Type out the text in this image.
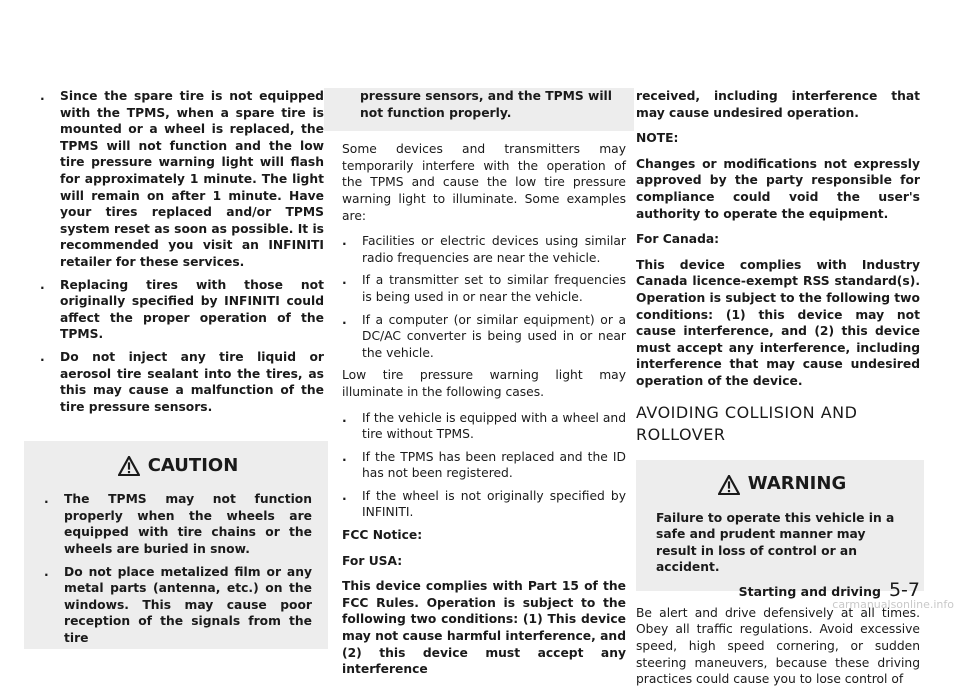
. Since the spare tire is not equipped with the TPMS, when a spare tire is mounted or a wheel is replaced, the TPMS will not function and the low tire pressure warning light will flash for approximately 1 minute. The light will remain on after 1 minute. Have your tires replaced and/or TPMS system reset as soon as possible. It is recommended you visit an INFINITI retailer for these services.
. Replacing tires with those not originally specified by INFINITI could affect the proper operation of the TPMS.
. Do not inject any tire liquid or aerosol tire sealant into the tires, as this may cause a malfunction of the tire pressure sensors.
CAUTION
. The TPMS may not function properly when the wheels are equipped with tire chains or the wheels are buried in snow.
. Do not place metalized film or any metal parts (antenna, etc.) on the windows. This may cause poor reception of the signals from the tire
pressure sensors, and the TPMS will not function properly.

Some devices and transmitters may temporarily interfere with the operation of the TPMS and cause the low tire pressure warning light to illuminate. Some examples are:

. Facilities or electric devices using similar radio frequencies are near the vehicle.
. If a transmitter set to similar frequencies is being used in or near the vehicle.
. If a computer (or similar equipment) or a DC/AC converter is being used in or near the vehicle.

Low tire pressure warning light may illuminate in the following cases.

. If the vehicle is equipped with a wheel and tire without TPMS.
. If the TPMS has been replaced and the ID has not been registered.
. If the wheel is not originally specified by INFINITI.

FCC Notice:

For USA:

This device complies with Part 15 of the FCC Rules. Operation is subject to the following two conditions: (1) This device may not cause harmful interference, and (2) this device must accept any interference

received, including interference that may cause undesired operation.

NOTE:

Changes or modifications not expressly approved by the party responsible for compliance could void the user's authority to operate the equipment.

For Canada:

This device complies with Industry Canada licence-exempt RSS standard(s). Operation is subject to the following two conditions: (1) this device may not cause interference, and (2) this device must accept any interference, including interference that may cause undesired operation of the device.

AVOIDING COLLISION AND
ROLLOVER
WARNING

Failure to operate this vehicle in a safe and prudent manner may result in loss of control or an accident.

Be alert and drive defensively at all times. Obey all traffic regulations. Avoid excessive speed, high speed cornering, or sudden steering maneuvers, because these driving practices could cause you to lose control of

Starting and driving 5-7
carmanualsonline.info
